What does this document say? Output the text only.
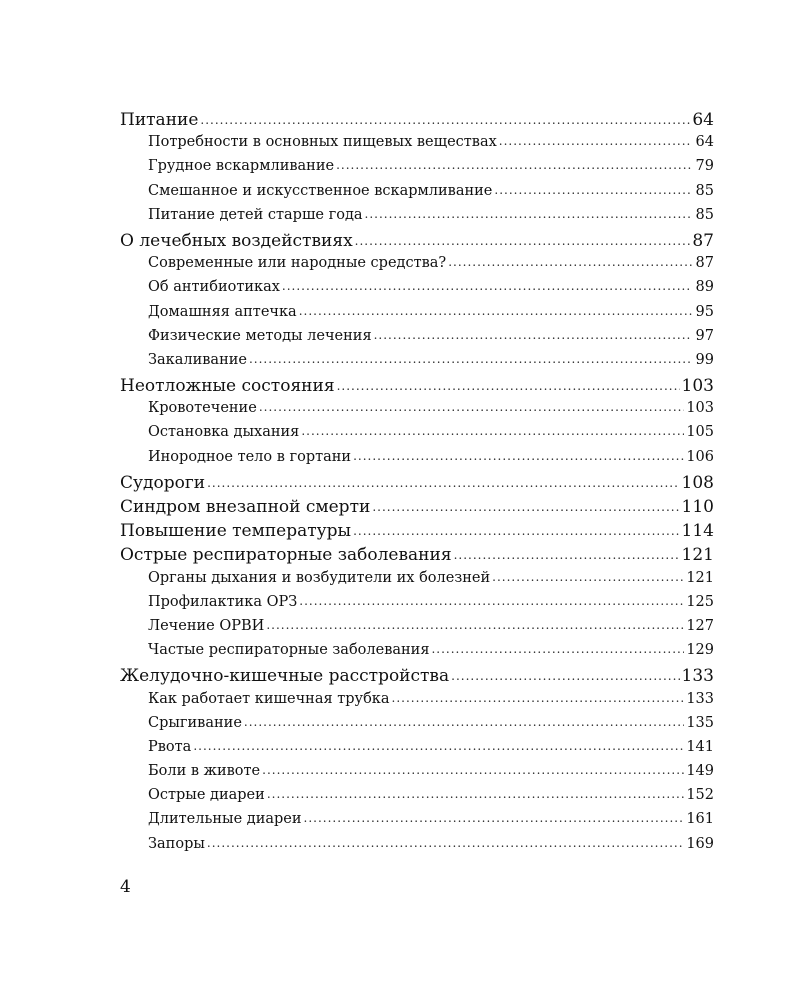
Питание .....	64
Потребности в основных пищевых веществах .....	64
Грудное вскармливание .....	79
Смешанное и искусственное вскармливание .....	85
Питание детей старше года .....	85
О лечебных воздействиях .....	87
Современные или народные средства? .....	87
Об антибиотиках .....	89
Домашняя аптечка .....	95
Физические методы лечения .....	97
Закаливание .....	99
Неотложные состояния .....	103
Кровотечение .....	103
Остановка дыхания .....	105
Инородное тело в гортани .....	106
Судороги .....	108
Синдром внезапной смерти .....	110
Повышение температуры .....	114
Острые респираторные заболевания .....	121
Органы дыхания и возбудители их болезней .....	121
Профилактика ОРЗ .....	125
Лечение ОРВИ .....	127
Частые респираторные заболевания .....	129
Желудочно-кишечные расстройства .....	133
Как работает кишечная трубка .....	133
Срыгивание .....	135
Рвота .....	141
Боли в животе .....	149
Острые диареи .....	152
Длительные диареи .....	161
Запоры .....	169
4
